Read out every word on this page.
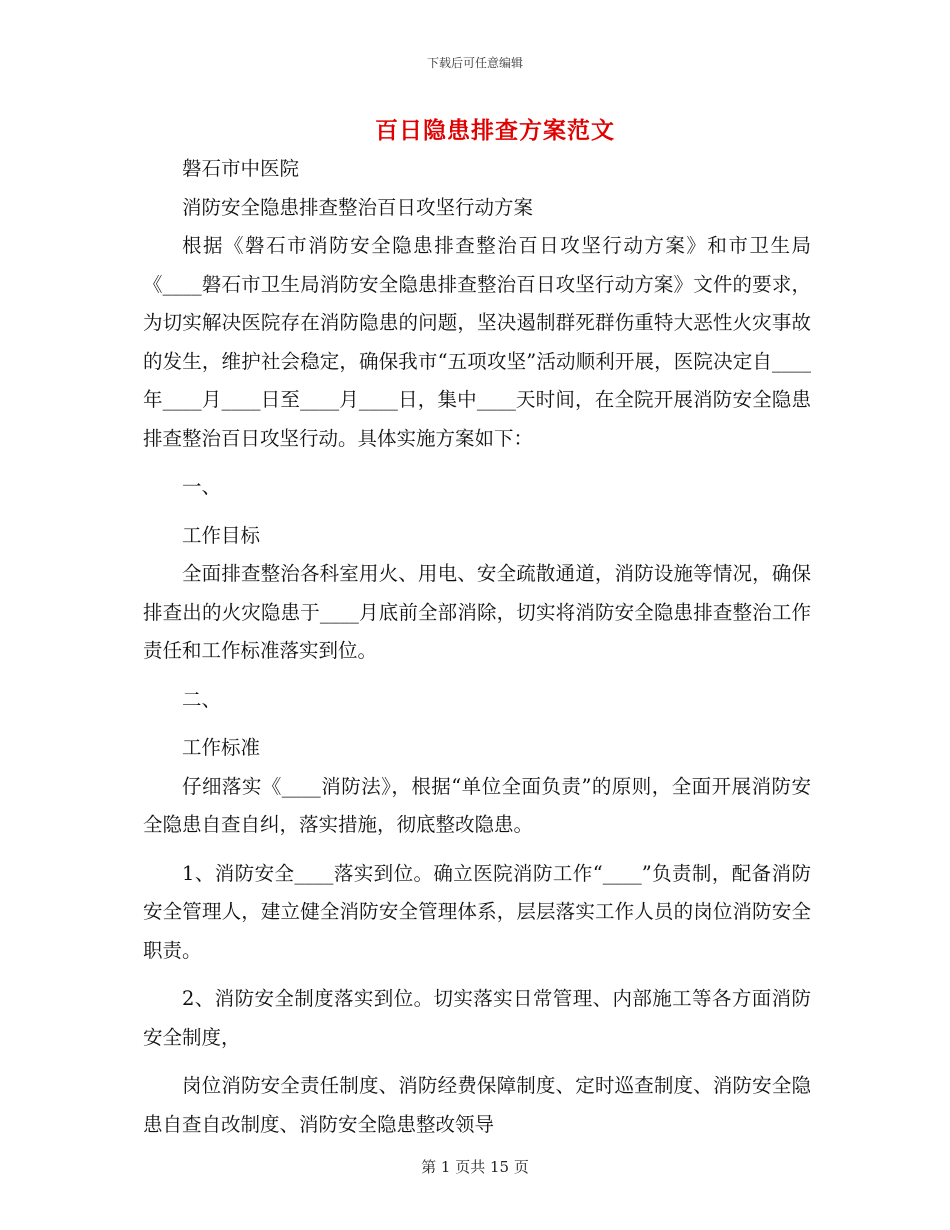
下载后可任意编辑
百日隐患排查方案范文

磐石市中医院

消防安全隐患排查整治百日攻坚行动方案

根据《磐石市消防安全隐患排查整治百日攻坚行动方案》和市卫生局《____磐石市卫生局消防安全隐患排查整治百日攻坚行动方案》文件的要求，为切实解决医院存在消防隐患的问题，坚决遏制群死群伤重特大恶性火灾事故的发生，维护社会稳定，确保我市“五项攻坚”活动顺利开展，医院决定自____年____月____日至____月____日，集中____天时间，在全院开展消防安全隐患排查整治百日攻坚行动。具体实施方案如下：

一、

工作目标

全面排查整治各科室用火、用电、安全疏散通道，消防设施等情况，确保排查出的火灾隐患于____月底前全部消除，切实将消防安全隐患排查整治工作责任和工作标准落实到位。

二、

工作标准

仔细落实《____消防法》，根据“单位全面负责”的原则，全面开展消防安全隐患自查自纠，落实措施，彻底整改隐患。

1、消防安全____落实到位。确立医院消防工作“____”负责制，配备消防安全管理人，建立健全消防安全管理体系，层层落实工作人员的岗位消防安全职责。

2、消防安全制度落实到位。切实落实日常管理、内部施工等各方面消防安全制度，

岗位消防安全责任制度、消防经费保障制度、定时巡查制度、消防安全隐患自查自改制度、消防安全隐患整改领导

第 1 页共 15 页
